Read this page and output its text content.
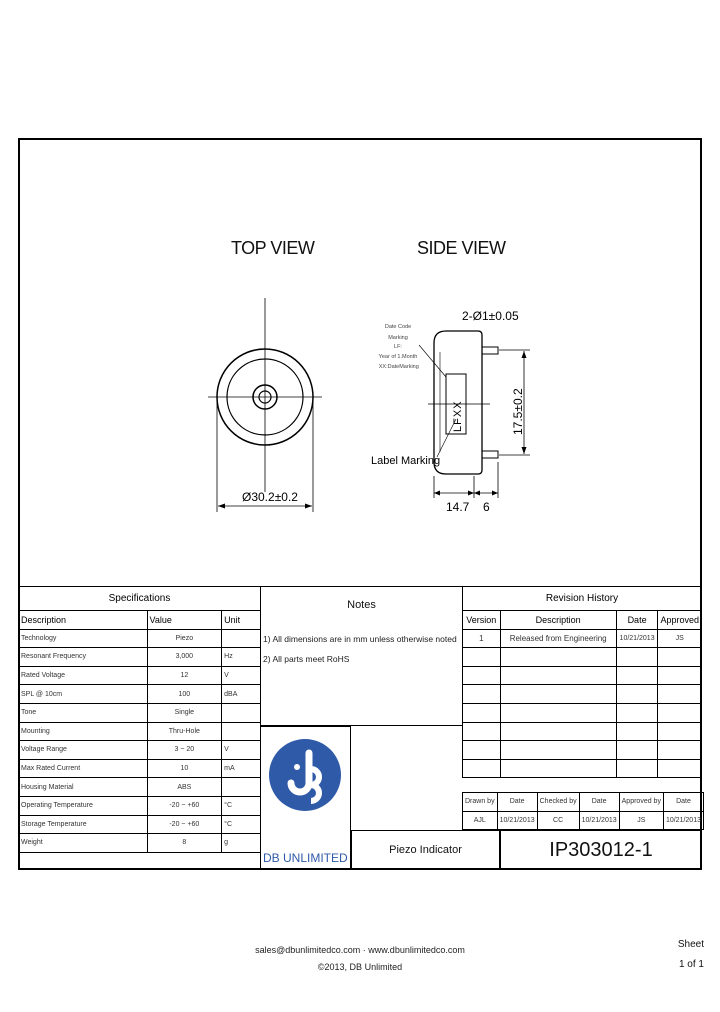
TOP VIEW	SIDE VIEW
Ø30.2±0.2
2-Ø1±0.05
17.5±0.2
14.7 6
LFXX
Label Marking
Date Code
Marking
LF:
Year of 1.Month
XX:Date Marking
Specifications		
Description	Value	Unit
Technology	Piezo	
Resonant Frequency	3,000	Hz
Rated Voltage	12	V
SPL @ 10cm	100	dBA
Tone	Single	
Mounting	Thru-Hole	
Voltage Range	3 ~ 20	V
Max Rated Current	10	mA
Housing Material	ABS	
Operating Temperature	-20 ~ +60	°C
Storage Temperature	-20 ~ +60	°C
Weight	8	g
Notes
1) All dimensions are in mm unless otherwise noted
2) All parts meet RoHS
DB UNLIMITED
Revision History			
Version	Description	Date	Approved
1	Released from Engineering	10/21/2013	JS

Drawn by	Date	Checked by	Date	Approved by	Date
AJL	10/21/2013	CC	10/21/2013	JS	10/21/2013
Piezo Indicator	IP303012-1
sales@dbunlimitedco.com · www.dbunlimitedco.com
©2013, DB Unlimited
Sheet
1 of 1
